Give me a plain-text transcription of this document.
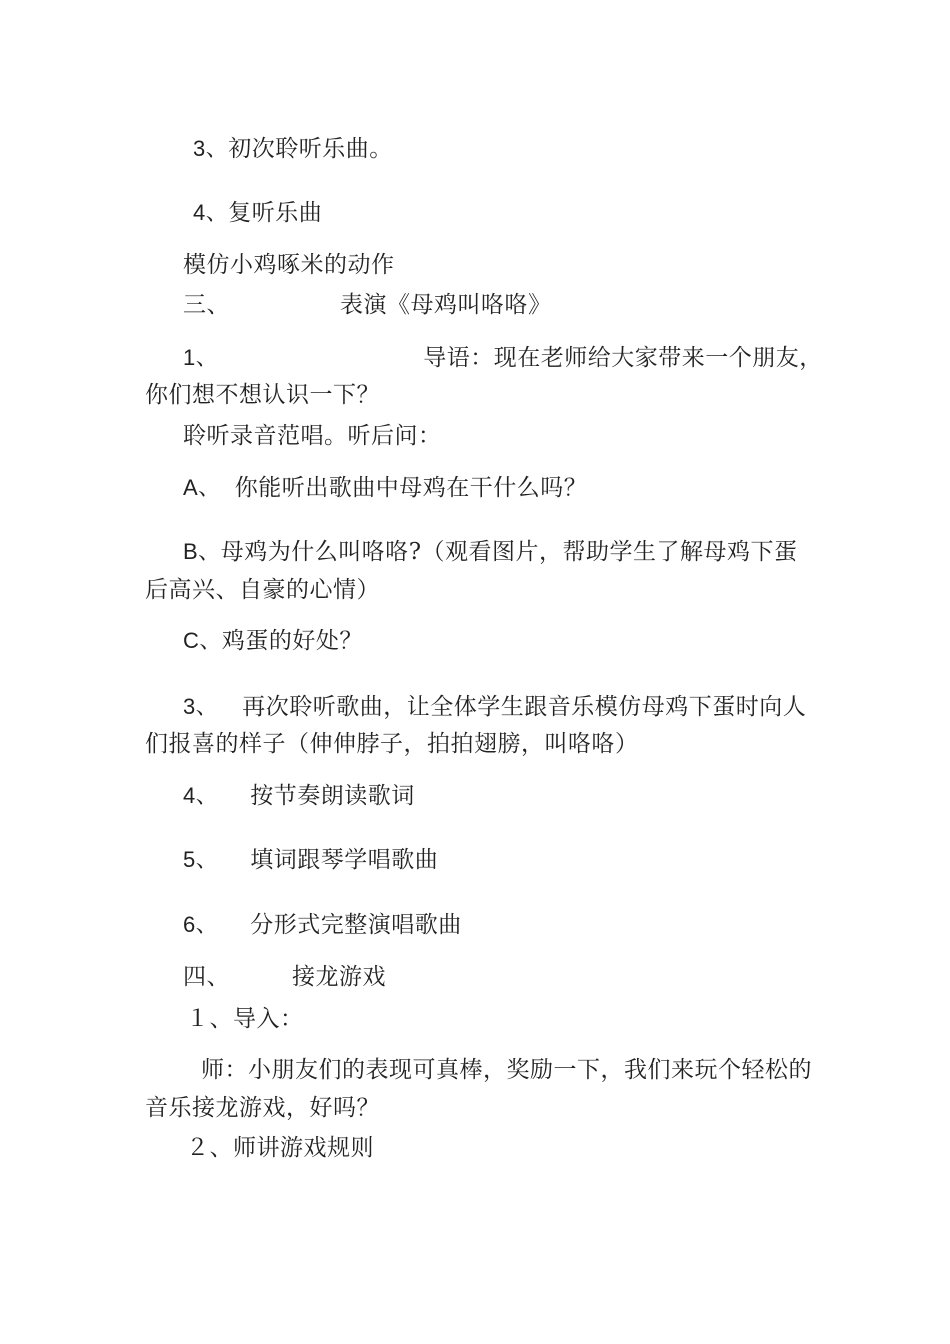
3、初次聆听乐曲。
4、复听乐曲
模仿小鸡啄米的动作
三、	表演《母鸡叫咯咯》
1、	导语：现在老师给大家带来一个朋友，
你们想不想认识一下？
聆听录音范唱。听后问：
A、 你能听出歌曲中母鸡在干什么吗？
B、母鸡为什么叫咯咯?（观看图片，帮助学生了解母鸡下蛋
后高兴、自豪的心情）
C、鸡蛋的好处？
3、 再次聆听歌曲，让全体学生跟音乐模仿母鸡下蛋时向人
们报喜的样子（伸伸脖子，拍拍翅膀，叫咯咯）
4、 按节奏朗读歌词
5、 填词跟琴学唱歌曲
6、 分形式完整演唱歌曲
四、	接龙游戏
１、导入：
师：小朋友们的表现可真棒，奖励一下，我们来玩个轻松的
音乐接龙游戏，好吗？
２、师讲游戏规则
